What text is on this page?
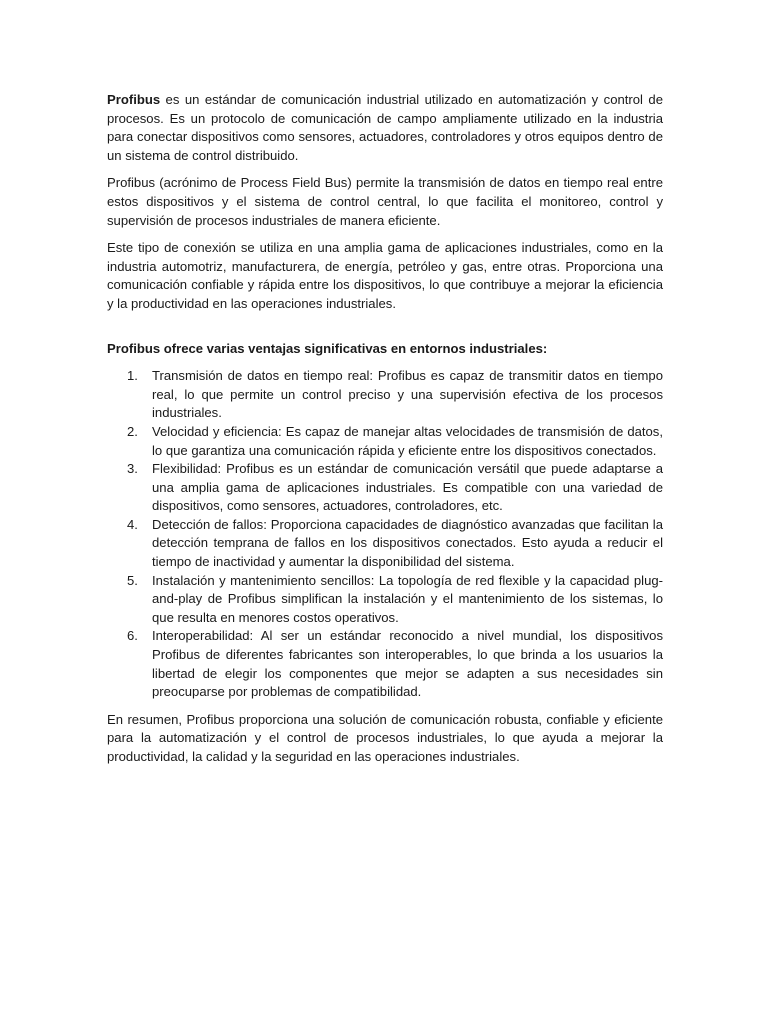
Profibus es un estándar de comunicación industrial utilizado en automatización y control de procesos. Es un protocolo de comunicación de campo ampliamente utilizado en la industria para conectar dispositivos como sensores, actuadores, controladores y otros equipos dentro de un sistema de control distribuido.

Profibus (acrónimo de Process Field Bus) permite la transmisión de datos en tiempo real entre estos dispositivos y el sistema de control central, lo que facilita el monitoreo, control y supervisión de procesos industriales de manera eficiente.

Este tipo de conexión se utiliza en una amplia gama de aplicaciones industriales, como en la industria automotriz, manufacturera, de energía, petróleo y gas, entre otras. Proporciona una comunicación confiable y rápida entre los dispositivos, lo que contribuye a mejorar la eficiencia y la productividad en las operaciones industriales.

Profibus ofrece varias ventajas significativas en entornos industriales:

1. Transmisión de datos en tiempo real: Profibus es capaz de transmitir datos en tiempo real, lo que permite un control preciso y una supervisión efectiva de los procesos industriales.
2. Velocidad y eficiencia: Es capaz de manejar altas velocidades de transmisión de datos, lo que garantiza una comunicación rápida y eficiente entre los dispositivos conectados.
3. Flexibilidad: Profibus es un estándar de comunicación versátil que puede adaptarse a una amplia gama de aplicaciones industriales. Es compatible con una variedad de dispositivos, como sensores, actuadores, controladores, etc.
4. Detección de fallos: Proporciona capacidades de diagnóstico avanzadas que facilitan la detección temprana de fallos en los dispositivos conectados. Esto ayuda a reducir el tiempo de inactividad y aumentar la disponibilidad del sistema.
5. Instalación y mantenimiento sencillos: La topología de red flexible y la capacidad plug-and-play de Profibus simplifican la instalación y el mantenimiento de los sistemas, lo que resulta en menores costos operativos.
6. Interoperabilidad: Al ser un estándar reconocido a nivel mundial, los dispositivos Profibus de diferentes fabricantes son interoperables, lo que brinda a los usuarios la libertad de elegir los componentes que mejor se adapten a sus necesidades sin preocuparse por problemas de compatibilidad.

En resumen, Profibus proporciona una solución de comunicación robusta, confiable y eficiente para la automatización y el control de procesos industriales, lo que ayuda a mejorar la productividad, la calidad y la seguridad en las operaciones industriales.
